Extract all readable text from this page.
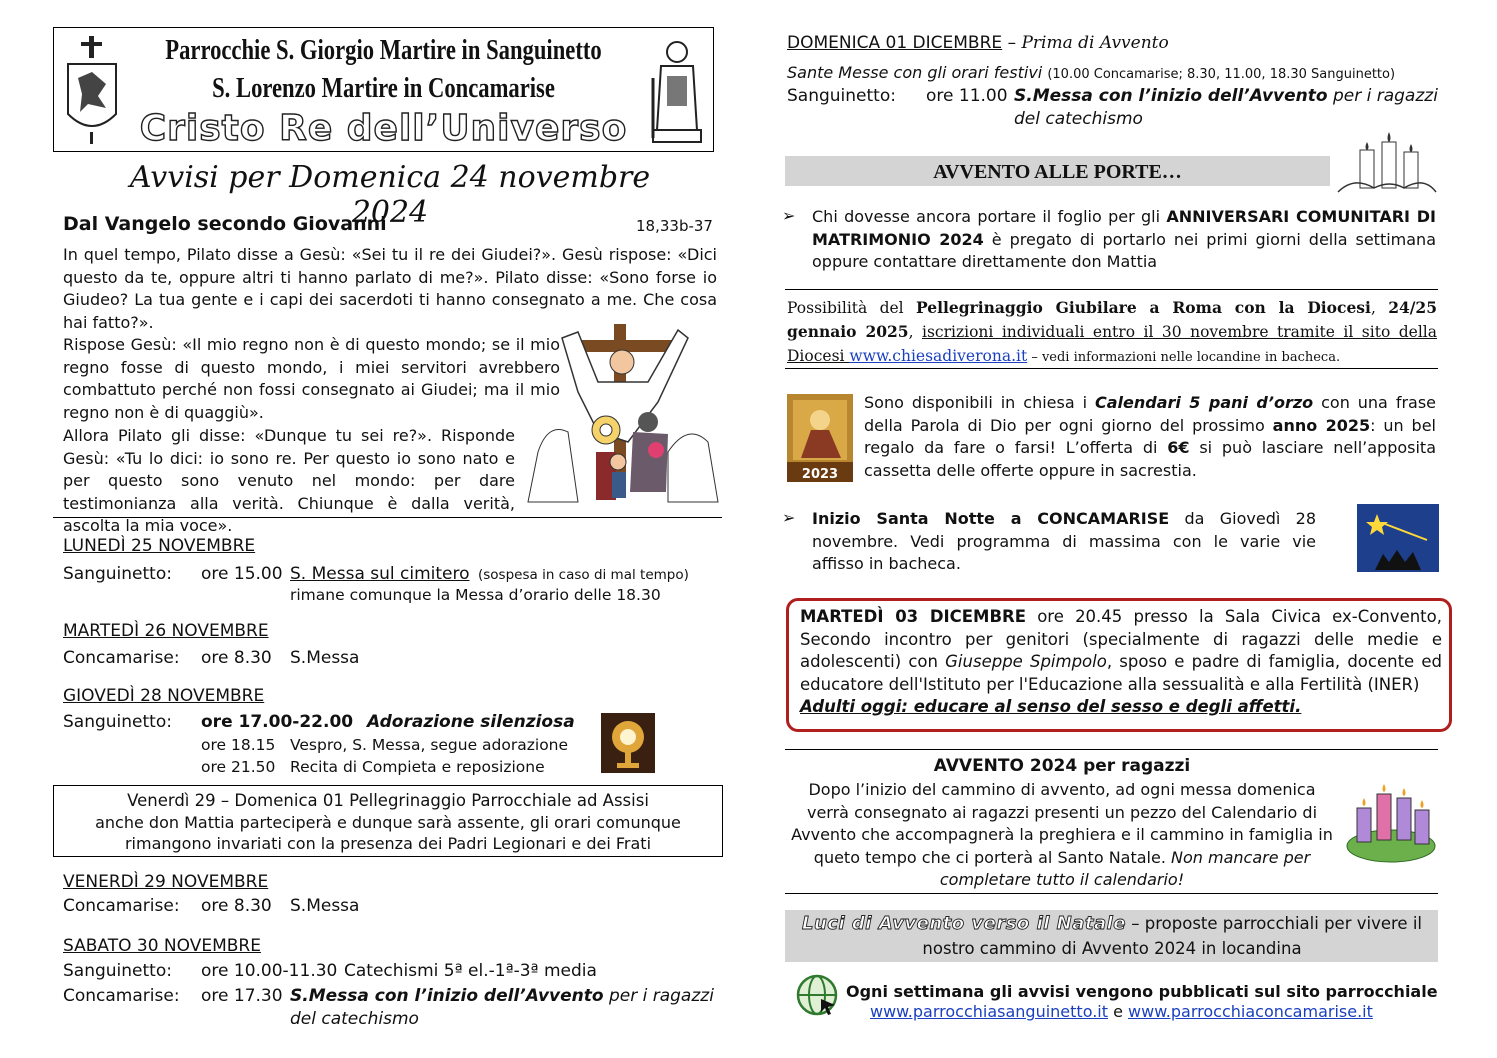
Parrocchie S. Giorgio Martire in Sanguinetto
S. Lorenzo Martire in Concamarise
Cristo Re dell’Universo
Avvisi per Domenica 24 novembre 2024
Dal Vangelo secondo Giovanni	18,33b-37
In quel tempo, Pilato disse a Gesù: «Sei tu il re dei Giudei?». Gesù rispose: «Dici questo da te, oppure altri ti hanno parlato di me?». Pilato disse: «Sono forse io Giudeo? La tua gente e i capi dei sacerdoti ti hanno consegnato a me. Che cosa hai fatto?».
Rispose Gesù: «Il mio regno non è di questo mondo; se il mio regno fosse di questo mondo, i miei servitori avrebbero combattuto perché non fossi consegnato ai Giudei; ma il mio regno non è di quaggiù».
Allora Pilato gli disse: «Dunque tu sei re?». Risponde Gesù: «Tu lo dici: io sono re. Per questo io sono nato e per questo sono venuto nel mondo: per dare testimonianza alla verità. Chiunque è dalla verità, ascolta la mia voce».
LUNEDÌ 25 NOVEMBRE
Sanguinetto: ore 15.00 S. Messa sul cimitero (sospesa in caso di mal tempo)
rimane comunque la Messa d’orario delle 18.30
MARTEDÌ 26 NOVEMBRE
Concamarise: ore 8.30 S.Messa
GIOVEDÌ 28 NOVEMBRE
Sanguinetto: ore 17.00-22.00 Adorazione silenziosa
ore 18.15 Vespro, S. Messa, segue adorazione
ore 21.50 Recita di Compieta e reposizione
Venerdì 29 – Domenica 01 Pellegrinaggio Parrocchiale ad Assisi
anche don Mattia parteciperà e dunque sarà assente, gli orari comunque
rimangono invariati con la presenza dei Padri Legionari e dei Frati
VENERDÌ 29 NOVEMBRE
Concamarise: ore 8.30 S.Messa
SABATO 30 NOVEMBRE
Sanguinetto: ore 10.00-11.30 Catechismi 5ª el.-1ª-3ª media
Concamarise: ore 17.30 S.Messa con l’inizio dell’Avvento per i ragazzi
del catechismo
DOMENICA 01 DICEMBRE – Prima di Avvento
Sante Messe con gli orari festivi (10.00 Concamarise; 8.30, 11.00, 18.30 Sanguinetto)
Sanguinetto: ore 11.00 S.Messa con l’inizio dell’Avvento per i ragazzi
del catechismo
AVVENTO ALLE PORTE…
➢ Chi dovesse ancora portare il foglio per gli ANNIVERSARI COMUNITARI DI MATRIMONIO 2024 è pregato di portarlo nei primi giorni della settimana oppure contattare direttamente don Mattia
Possibilità del Pellegrinaggio Giubilare a Roma con la Diocesi, 24/25 gennaio 2025, iscrizioni individuali entro il 30 novembre tramite il sito della Diocesi www.chiesadiverona.it – vedi informazioni nelle locandine in bacheca.
2023
Sono disponibili in chiesa i Calendari 5 pani d’orzo con una frase della Parola di Dio per ogni giorno del prossimo anno 2025: un bel regalo da fare o farsi! L’offerta di 6€ si può lasciare nell’apposita cassetta delle offerte oppure in sacrestia.
➢ Inizio Santa Notte a CONCAMARISE da Giovedì 28 novembre. Vedi programma di massima con le varie vie affisso in bacheca.
MARTEDÌ 03 DICEMBRE ore 20.45 presso la Sala Civica ex-Convento, Secondo incontro per genitori (specialmente di ragazzi delle medie e adolescenti) con Giuseppe Spimpolo, sposo e padre di famiglia, docente ed educatore dell'Istituto per l'Educazione alla sessualità e alla Fertilità (INER)
Adulti oggi: educare al senso del sesso e degli affetti.
AVVENTO 2024 per ragazzi
Dopo l’inizio del cammino di avvento, ad ogni messa domenica verrà consegnato ai ragazzi presenti un pezzo del Calendario di Avvento che accompagnerà la preghiera e il cammino in famiglia in queto tempo che ci porterà al Santo Natale. Non mancare per completare tutto il calendario!
Luci di Avvento verso il Natale – proposte parrocchiali per vivere il nostro cammino di Avvento 2024 in locandina
Ogni settimana gli avvisi vengono pubblicati sul sito parrocchiale
www.parrocchiasanguinetto.it e www.parrocchiaconcamarise.it
